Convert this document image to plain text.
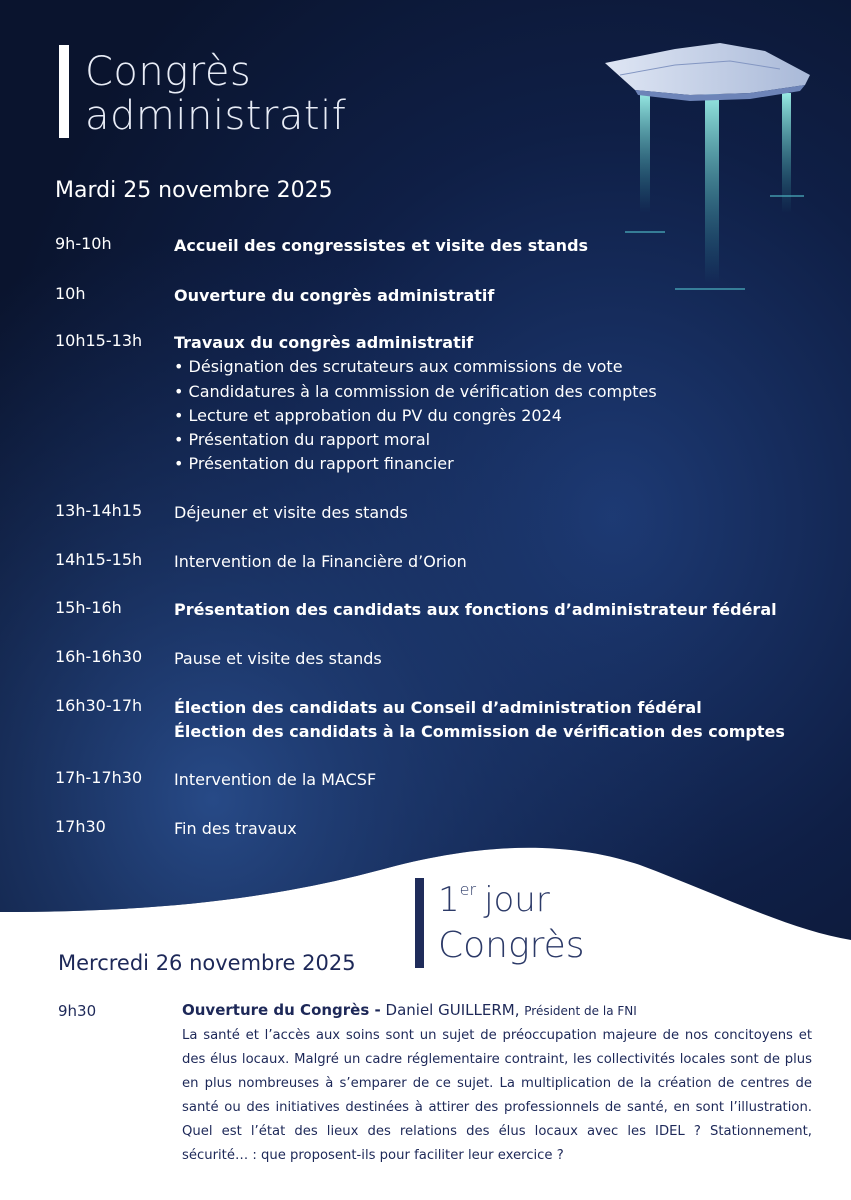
Congrès
administratif
Mardi 25 novembre 2025
9h-10h	Accueil des congressistes et visite des stands
10h	Ouverture du congrès administratif
10h15-13h Travaux du congrès administratif
• Désignation des scrutateurs aux commissions de vote
• Candidatures à la commission de vérification des comptes
• Lecture et approbation du PV du congrès 2024
• Présentation du rapport moral
• Présentation du rapport financier
13h-14h15 Déjeuner et visite des stands
14h15-15h Intervention de la Financière d’Orion
15h-16h	Présentation des candidats aux fonctions d’administrateur fédéral
16h-16h30 Pause et visite des stands
16h30-17h Élection des candidats au Conseil d’administration fédéral
Élection des candidats à la Commission de vérification des comptes
17h-17h30 Intervention de la MACSF
17h30	Fin des travaux
1er jour
Congrès
Mercredi 26 novembre 2025
9h30	Ouverture du Congrès - Daniel GUILLERM, Président de la FNI
La santé et l’accès aux soins sont un sujet de préoccupation majeure de nos concitoyens et des élus locaux. Malgré un cadre réglementaire contraint, les collectivités locales sont de plus en plus nombreuses à s’emparer de ce sujet. La multiplication de la création de centres de santé ou des initiatives destinées à attirer des professionnels de santé, en sont l’illustration. Quel est l’état des lieux des relations des élus locaux avec les IDEL ? Stationnement, sécurité… : que proposent-ils pour faciliter leur exercice ?
